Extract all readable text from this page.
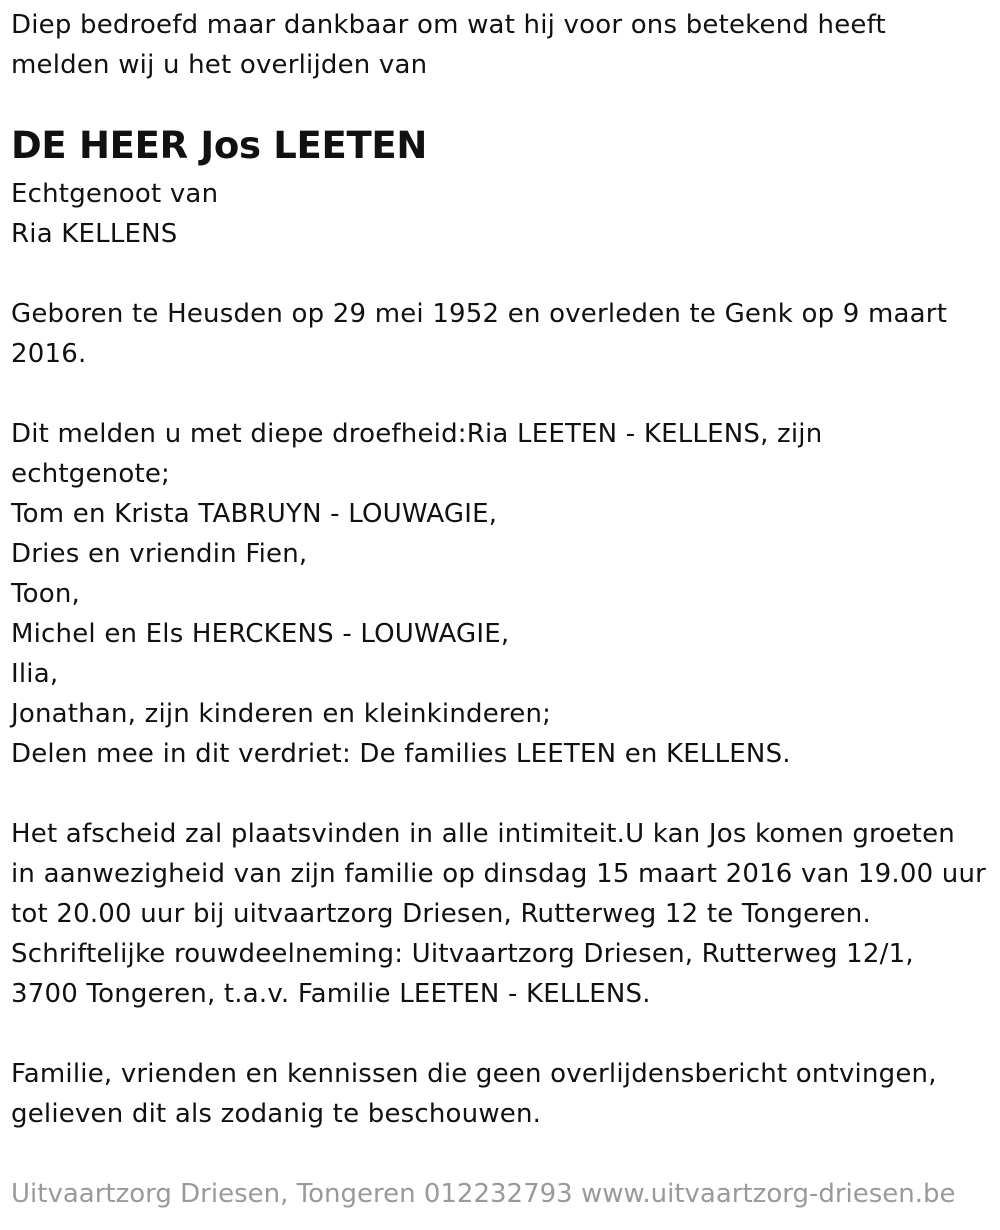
Diep bedroefd maar dankbaar om wat hij voor ons betekend heeft
melden wij u het overlijden van
DE HEER Jos LEETEN
Echtgenoot van
Ria KELLENS
Geboren te Heusden op 29 mei 1952 en overleden te Genk op 9 maart
2016.
Dit melden u met diepe droefheid:Ria LEETEN - KELLENS, zijn
echtgenote;
Tom en Krista TABRUYN - LOUWAGIE,
Dries en vriendin Fien,
Toon,
Michel en Els HERCKENS - LOUWAGIE,
Ilia,
Jonathan, zijn kinderen en kleinkinderen;
Delen mee in dit verdriet: De families LEETEN en KELLENS.
Het afscheid zal plaatsvinden in alle intimiteit.U kan Jos komen groeten
in aanwezigheid van zijn familie op dinsdag 15 maart 2016 van 19.00 uur
tot 20.00 uur bij uitvaartzorg Driesen, Rutterweg 12 te Tongeren.
Schriftelijke rouwdeelneming: Uitvaartzorg Driesen, Rutterweg 12/1,
3700 Tongeren, t.a.v. Familie LEETEN - KELLENS.
Familie, vrienden en kennissen die geen overlijdensbericht ontvingen,
gelieven dit als zodanig te beschouwen.
Uitvaartzorg Driesen, Tongeren 012232793 www.uitvaartzorg-driesen.be
